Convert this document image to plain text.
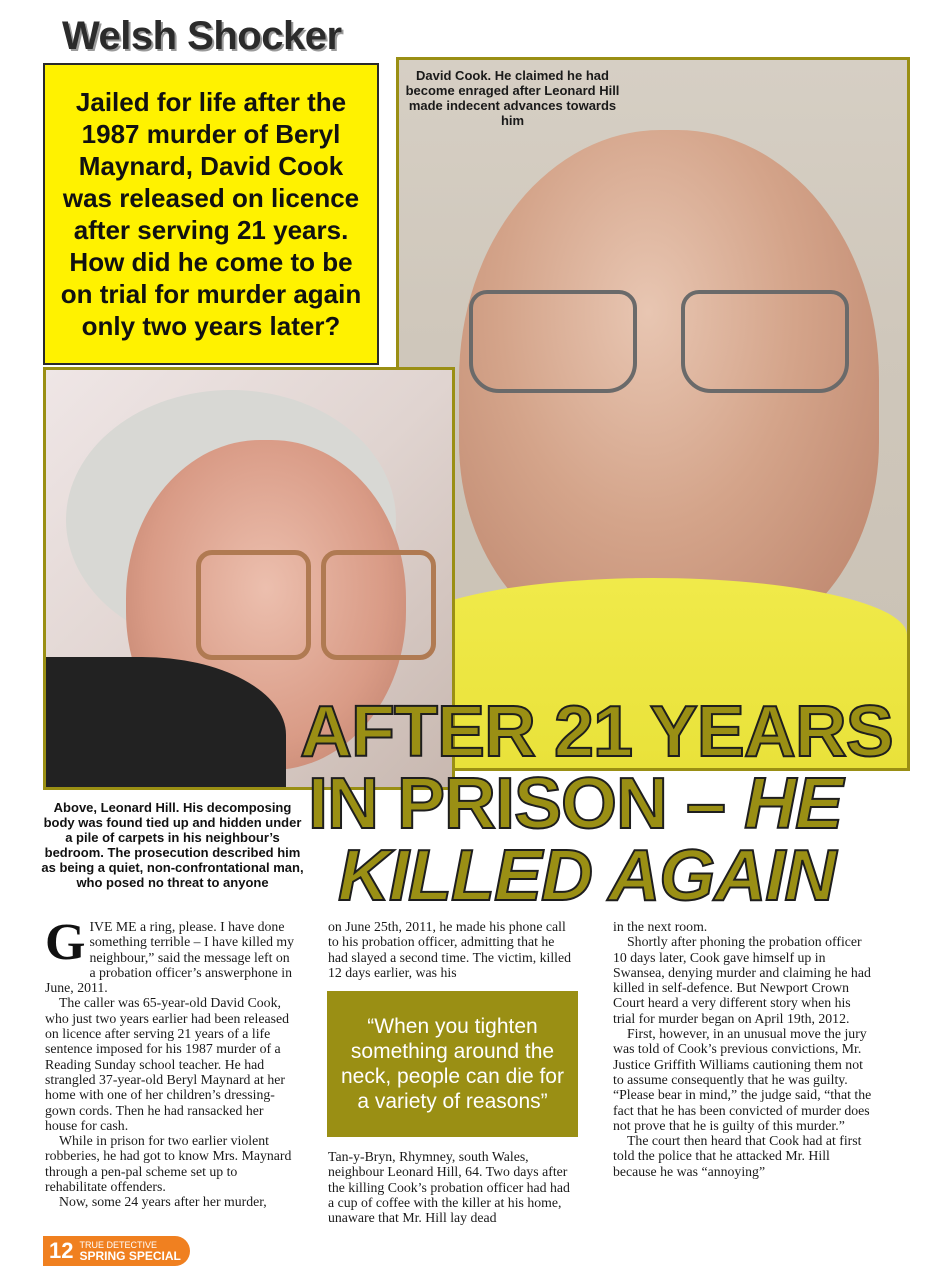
Welsh Shocker
David Cook. He claimed he had become enraged after Leonard Hill made indecent advances towards him
Jailed for life after the 1987 murder of Beryl Maynard, David Cook was released on licence after serving 21 years. How did he come to be on trial for murder again only two years later?
Above, Leonard Hill. His decomposing body was found tied up and hidden under a pile of carpets in his neighbour’s bedroom. The prosecution described him as being a quiet, non-confrontational man, who posed no threat to anyone
AFTER 21 YEARS
IN PRISON – HE
KILLED AGAIN

GIVE ME a ring, please. I have done something terrible – I have killed my neighbour,” said the message left on a probation officer’s answerphone in June, 2011.

The caller was 65-year-old David Cook, who just two years earlier had been released on licence after serving 21 years of a life sentence imposed for his 1987 murder of a Reading Sunday school teacher. He had strangled 37-year-old Beryl Maynard at her home with one of her children’s dressing-gown cords. Then he had ransacked her house for cash.

While in prison for two earlier violent robberies, he had got to know Mrs. Maynard through a pen-pal scheme set up to rehabilitate offenders.

Now, some 24 years after her murder,

on June 25th, 2011, he made his phone call to his probation officer, admitting that he had slayed a second time. The victim, killed 12 days earlier, was his

“When you tighten something around the neck, people can die for a variety of reasons”

Tan-y-Bryn, Rhymney, south Wales, neighbour Leonard Hill, 64. Two days after the killing Cook’s probation officer had had a cup of coffee with the killer at his home, unaware that Mr. Hill lay dead

in the next room.

Shortly after phoning the probation officer 10 days later, Cook gave himself up in Swansea, denying murder and claiming he had killed in self-defence. But Newport Crown Court heard a very different story when his trial for murder began on April 19th, 2012.

First, however, in an unusual move the jury was told of Cook’s previous convictions, Mr. Justice Griffith Williams cautioning them not to assume consequently that he was guilty. “Please bear in mind,” the judge said, “that the fact that he has been convicted of murder does not prove that he is guilty of this murder.”

The court then heard that Cook had at first told the police that he attacked Mr. Hill because he was “annoying”

12 TRUE DETECTIVE
SPRING SPECIAL
